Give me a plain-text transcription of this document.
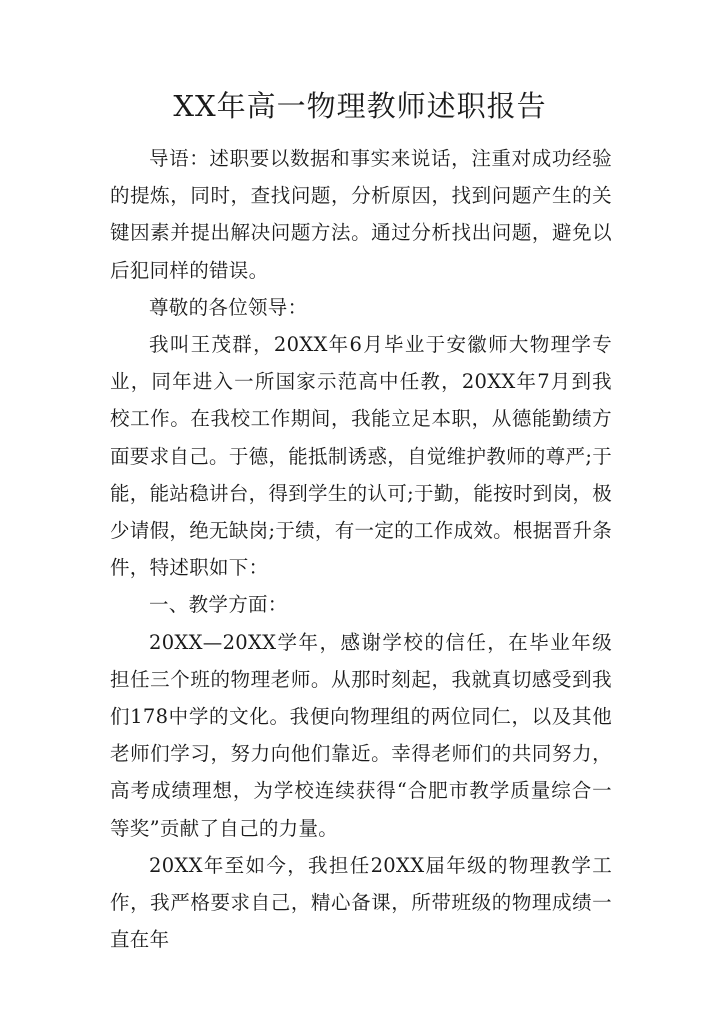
XX年高一物理教师述职报告

导语：述职要以数据和事实来说话，注重对成功经验的提炼，同时，查找问题，分析原因，找到问题产生的关键因素并提出解决问题方法。通过分析找出问题，避免以后犯同样的错误。

尊敬的各位领导：

我叫王茂群，20XX年6月毕业于安徽师大物理学专业，同年进入一所国家示范高中任教，20XX年7月到我校工作。在我校工作期间，我能立足本职，从德能勤绩方面要求自己。于德，能抵制诱惑，自觉维护教师的尊严;于能，能站稳讲台，得到学生的认可;于勤，能按时到岗，极少请假，绝无缺岗;于绩，有一定的工作成效。根据晋升条件，特述职如下：

一、教学方面：

20XX—20XX学年，感谢学校的信任，在毕业年级担任三个班的物理老师。从那时刻起，我就真切感受到我们178中学的文化。我便向物理组的两位同仁，以及其他老师们学习，努力向他们靠近。幸得老师们的共同努力，高考成绩理想，为学校连续获得“合肥市教学质量综合一等奖”贡献了自己的力量。

20XX年至如今，我担任20XX届年级的物理教学工作，我严格要求自己，精心备课，所带班级的物理成绩一直在年
